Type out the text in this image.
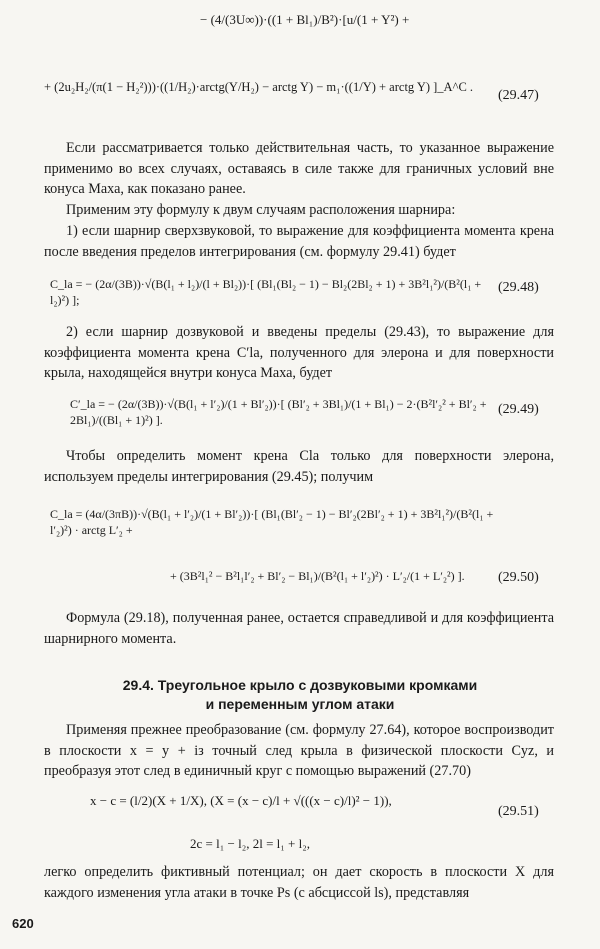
− (4/(3U∞))·((1 + Bl₁)/B²)·[u/(1 + Y²) +
+ (2u₂H₂/(π(1 − H₂²)))·((1/H₂)·arctg(Y/H₂) − arctg Y) − m₁·((1/Y) + arctg Y) ]_A^C .
(29.47)
Если рассматривается только действительная часть, то указанное выражение применимо во всех случаях, оставаясь в силе также для граничных условий вне конуса Маха, как показано ранее.
Применим эту формулу к двум случаям расположения шарнира:
1) если шарнир сверхзвуковой, то выражение для коэффициента момента крена после введения пределов интегрирования (см. формулу 29.41) будет
C_la = − (2α/(3B))·√(B(l₁ + l₂)/(l + Bl₂))·[ (Bl₁(Bl₂ − 1) − Bl₂(2Bl₂ + 1) + 3B²l₁²)/(B²(l₁ + l₂)²) ];
(29.48)
2) если шарнир дозвуковой и введены пределы (29.43), то выражение для коэффициента момента крена C′la, полученного для элерона и для поверхности крыла, находящейся внутри конуса Маха, будет
C′_la = − (2α/(3B))·√(B(l₁ + l′₂)/(1 + Bl′₂))·[ (Bl′₂ + 3Bl₁)/(1 + Bl₁) − 2·(B²l′₂² + Bl′₂ + 2Bl₁)/((Bl₁ + 1)²) ].
(29.49)
Чтобы определить момент крена Cla только для поверхности элерона, используем пределы интегрирования (29.45); получим
C_la = (4α/(3πB))·√(B(l₁ + l′₂)/(1 + Bl′₂))·[ (Bl₁(Bl′₂ − 1) − Bl′₂(2Bl′₂ + 1) + 3B²l₁²)/(B²(l₁ + l′₂)²) · arctg L′₂ +
+ (3B²l₁² − B²l₁l′₂ + Bl′₂ − Bl₁)/(B²(l₁ + l′₂)²) · L′₂/(1 + L′₂²) ].	(29.50)
Формула (29.18), полученная ранее, остается справедливой и для коэффициента шарнирного момента.
29.4. Треугольное крыло с дозвуковыми кромками
и переменным углом атаки
Применяя прежнее преобразование (см. формулу 27.64), которое воспроизводит в плоскости x = y + iз точный след крыла в физической плоскости Cyz, и преобразуя этот след в единичный круг с помощью выражений (27.70)
x − c = (l/2)(X + 1/X), (X = (x − c)/l + √(((x − c)/l)² − 1)),
(29.51)
2c = l₁ − l₂, 2l = l₁ + l₂,
легко определить фиктивный потенциал; он дает скорость в плоскости X для каждого изменения угла атаки в точке Ps (с абсциссой ls), представляя
620
